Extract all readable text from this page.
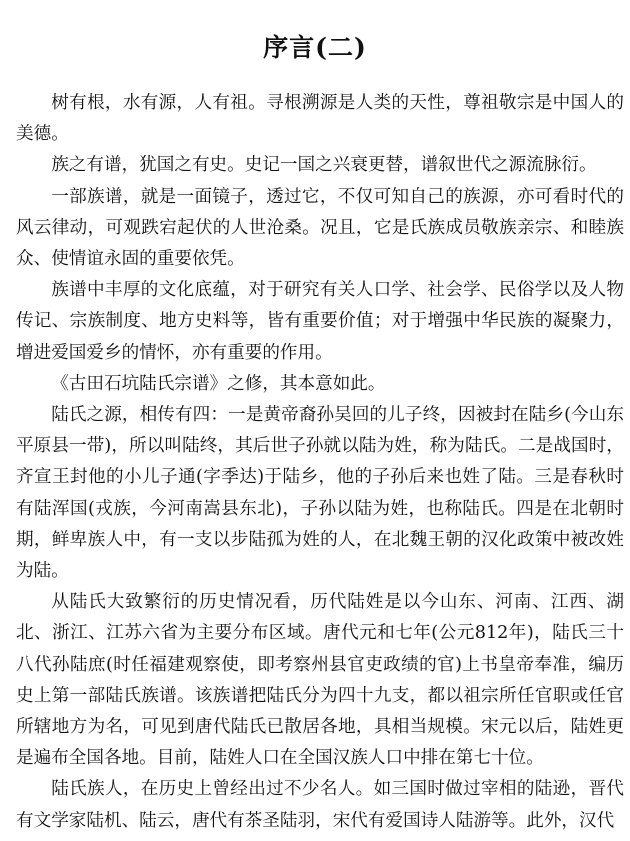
序言(二)

树有根，水有源，人有祖。寻根溯源是人类的天性，尊祖敬宗是中国人的美德。

族之有谱，犹国之有史。史记一国之兴衰更替，谱叙世代之源流脉衍。

一部族谱，就是一面镜子，透过它，不仅可知自己的族源，亦可看时代的风云律动，可观跌宕起伏的人世沧桑。况且，它是氏族成员敬族亲宗、和睦族众、使情谊永固的重要依凭。

族谱中丰厚的文化底蕴，对于研究有关人口学、社会学、民俗学以及人物传记、宗族制度、地方史料等，皆有重要价值；对于增强中华民族的凝聚力，增进爱国爱乡的情怀，亦有重要的作用。

《古田石坑陆氏宗谱》之修，其本意如此。

陆氏之源，相传有四：一是黄帝裔孙吴回的儿子终，因被封在陆乡(今山东平原县一带)，所以叫陆终，其后世子孙就以陆为姓，称为陆氏。二是战国时，齐宣王封他的小儿子通(字季达)于陆乡，他的子孙后来也姓了陆。三是春秋时有陆浑国(戎族，今河南嵩县东北)，子孙以陆为姓，也称陆氏。四是在北朝时期，鲜卑族人中，有一支以步陆孤为姓的人，在北魏王朝的汉化政策中被改姓为陆。

从陆氏大致繁衍的历史情况看，历代陆姓是以今山东、河南、江西、湖北、浙江、江苏六省为主要分布区域。唐代元和七年(公元812年)，陆氏三十八代孙陆庶(时任福建观察使，即考察州县官吏政绩的官)上书皇帝奉准，编历史上第一部陆氏族谱。该族谱把陆氏分为四十九支，都以祖宗所任官职或任官所辖地方为名，可见到唐代陆氏已散居各地，具相当规模。宋元以后，陆姓更是遍布全国各地。目前，陆姓人口在全国汉族人口中排在第七十位。

陆氏族人，在历史上曾经出过不少名人。如三国时做过宰相的陆逊，晋代有文学家陆机、陆云，唐代有茶圣陆羽，宋代有爱国诗人陆游等。此外，汉代
